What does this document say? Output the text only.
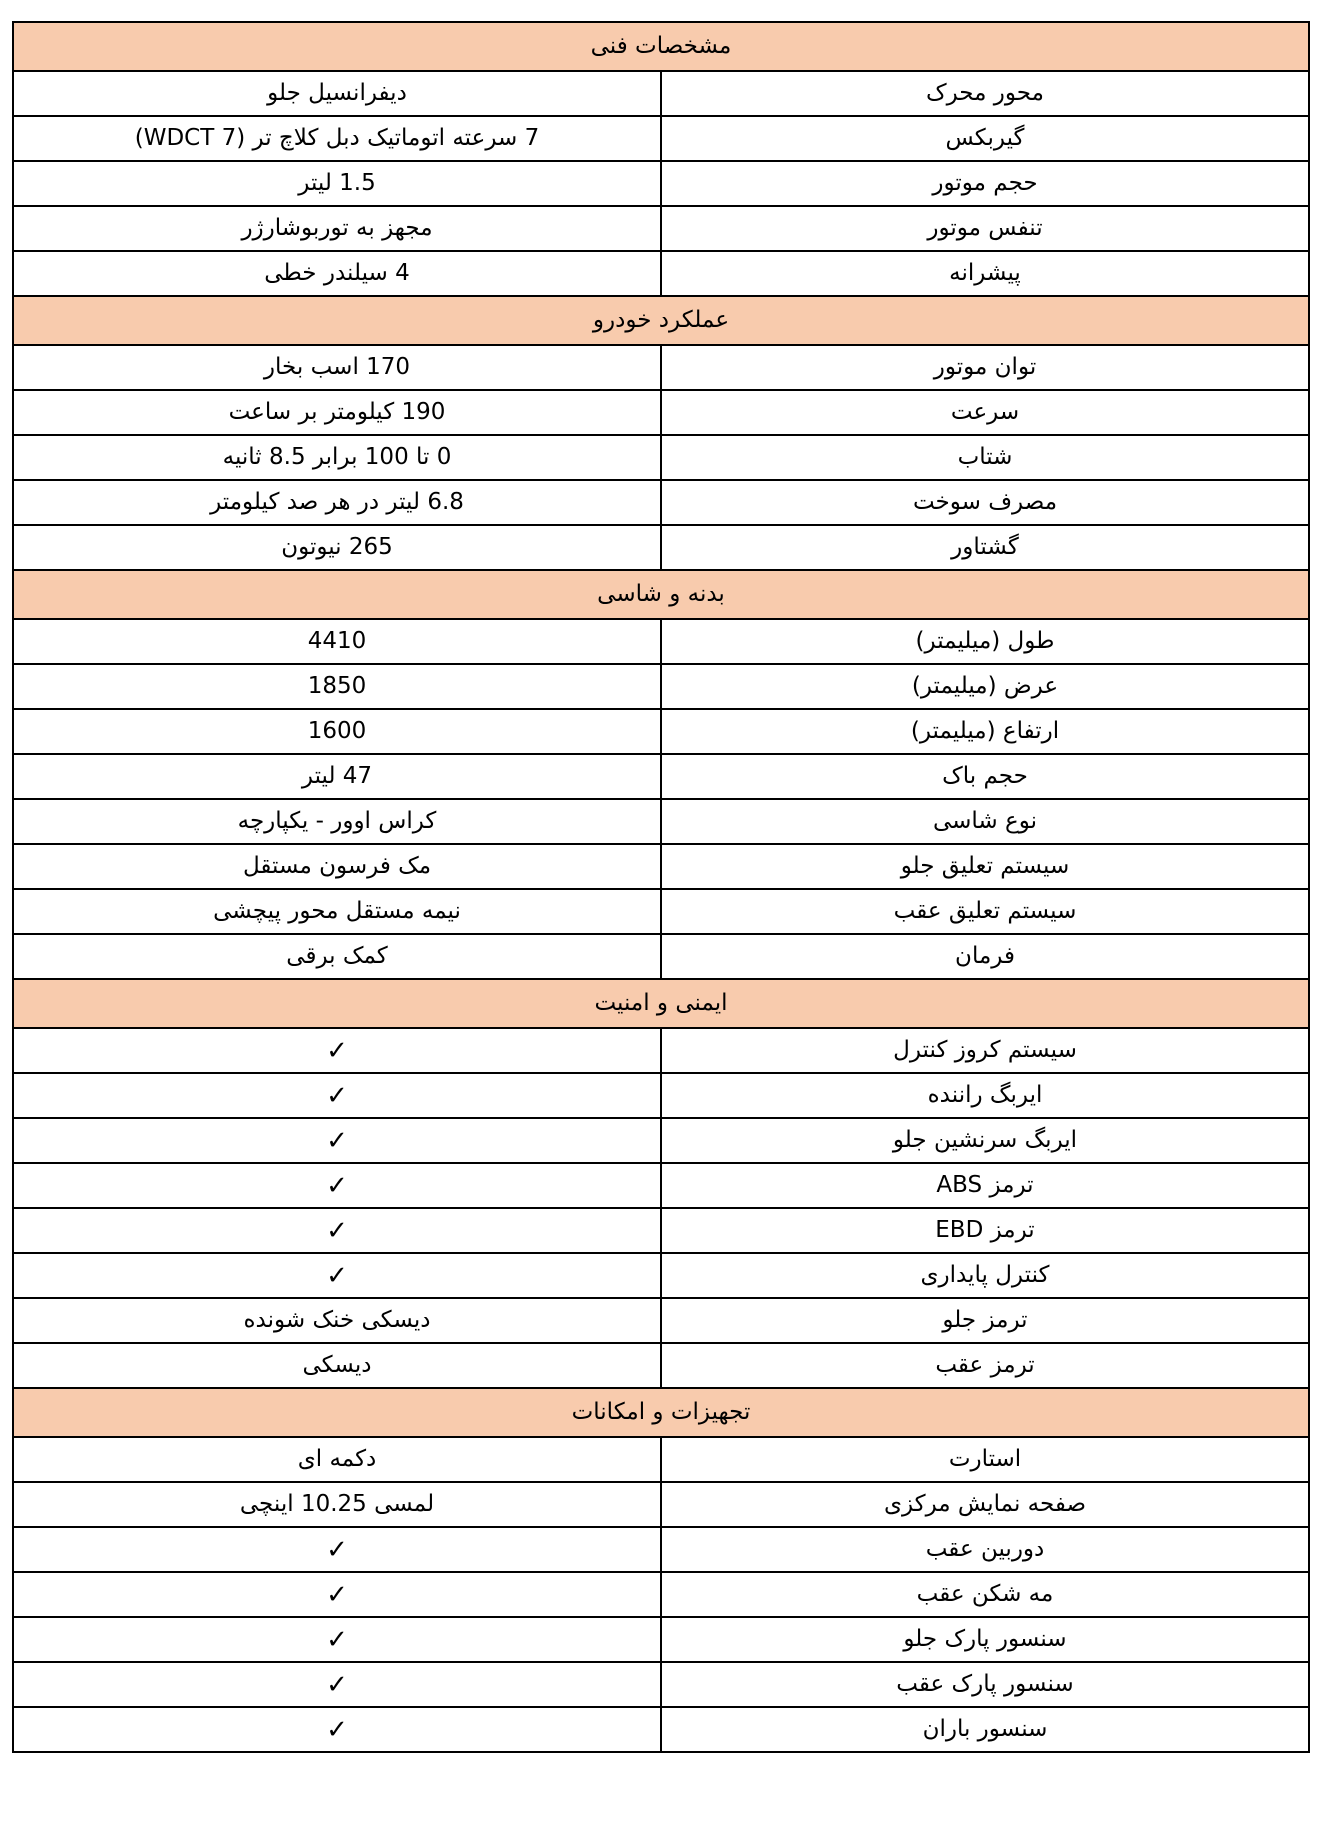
مشخصات فنی	
محور محرک	دیفرانسیل جلو
گیربکس	7 سرعته اتوماتیک دبل کلاچ تر (7 WDCT)
حجم موتور	1.5 لیتر
تنفس موتور	مجهز به توربوشارژر
پیشرانه	4 سیلندر خطی
عملکرد خودرو	
توان موتور	170 اسب بخار
سرعت	190 کیلومتر بر ساعت
شتاب	0 تا 100 برابر 8.5 ثانیه
مصرف سوخت	6.8 لیتر در هر صد کیلومتر
گشتاور	265 نیوتون
بدنه و شاسی	
طول (میلیمتر)	4410
عرض (میلیمتر)	1850
ارتفاع (میلیمتر)	1600
حجم باک	47 لیتر
نوع شاسی	کراس اوور - یکپارچه
سیستم تعلیق جلو	مک فرسون مستقل
سیستم تعلیق عقب	نیمه مستقل محور پیچشی
فرمان	کمک برقی
ایمنی و امنیت	
سیستم کروز کنترل	✓
ایربگ راننده	✓
ایربگ سرنشین جلو	✓
ترمز ABS	✓
ترمز EBD	✓
کنترل پایداری	✓
ترمز جلو	دیسکی خنک شونده
ترمز عقب	دیسکی
تجهیزات و امکانات	
استارت	دکمه ای
صفحه نمایش مرکزی	لمسی 10.25 اینچی
دوربین عقب	✓
مه شکن عقب	✓
سنسور پارک جلو	✓
سنسور پارک عقب	✓
سنسور باران	✓
